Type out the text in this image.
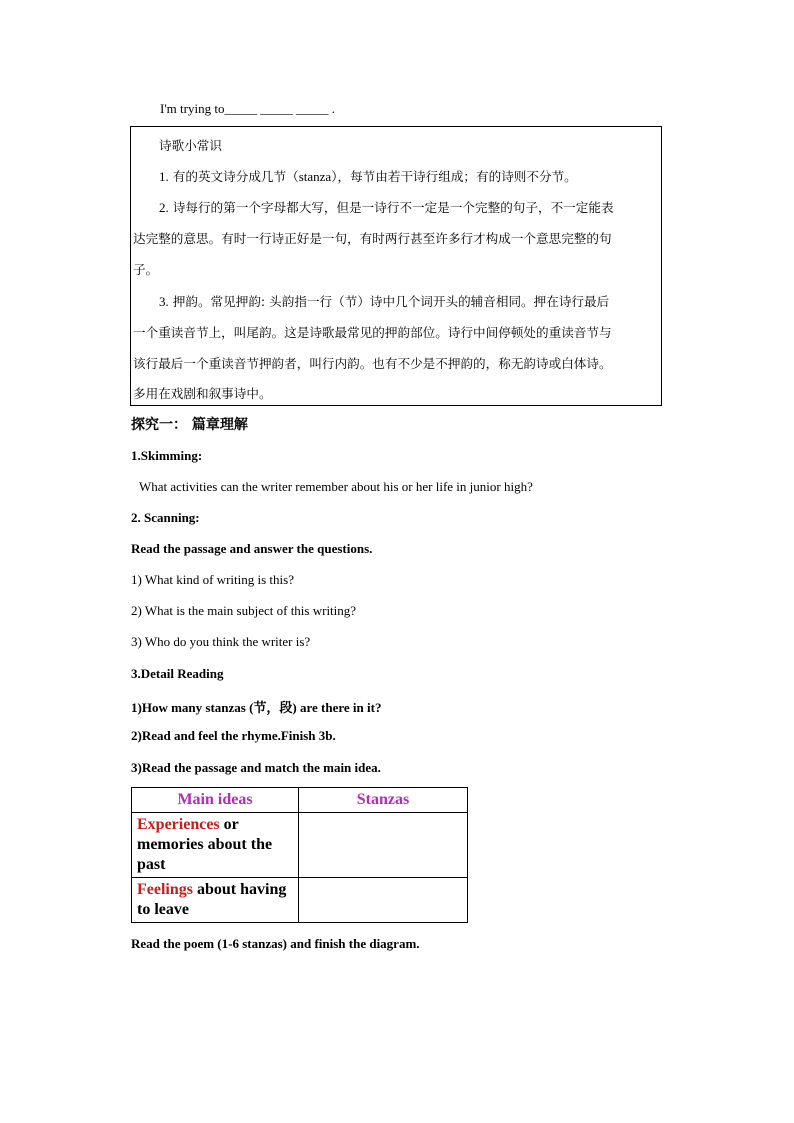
I'm trying to_____ _____ _____ .
诗歌小常识
1. 有的英文诗分成几节（stanza），每节由若干诗行组成；有的诗则不分节。
2. 诗每行的第一个字母都大写，但是一诗行不一定是一个完整的句子，不一定能表
达完整的意思。有时一行诗正好是一句，有时两行甚至许多行才构成一个意思完整的句
子。
3. 押韵。常见押韵: 头韵指一行（节）诗中几个词开头的辅音相同。押在诗行最后
一个重读音节上，叫尾韵。这是诗歌最常见的押韵部位。诗行中间停顿处的重读音节与
该行最后一个重读音节押韵者，叫行内韵。也有不少是不押韵的，称无韵诗或白体诗。
多用在戏剧和叙事诗中。
探究一： 篇章理解
1.Skimming:
What activities can the writer remember about his or her life in junior high?
2. Scanning:
Read the passage and answer the questions.
1) What kind of writing is this?
2) What is the main subject of this writing?
3) Who do you think the writer is?
3.Detail Reading
1)How many stanzas (节，段) are there in it?
2)Read and feel the rhyme.Finish 3b.
3)Read the passage and match the main idea.
Main ideas	Stanzas
Experiences or memories about the past	
Feelings about having to leave	
Read the poem (1-6 stanzas) and finish the diagram.
